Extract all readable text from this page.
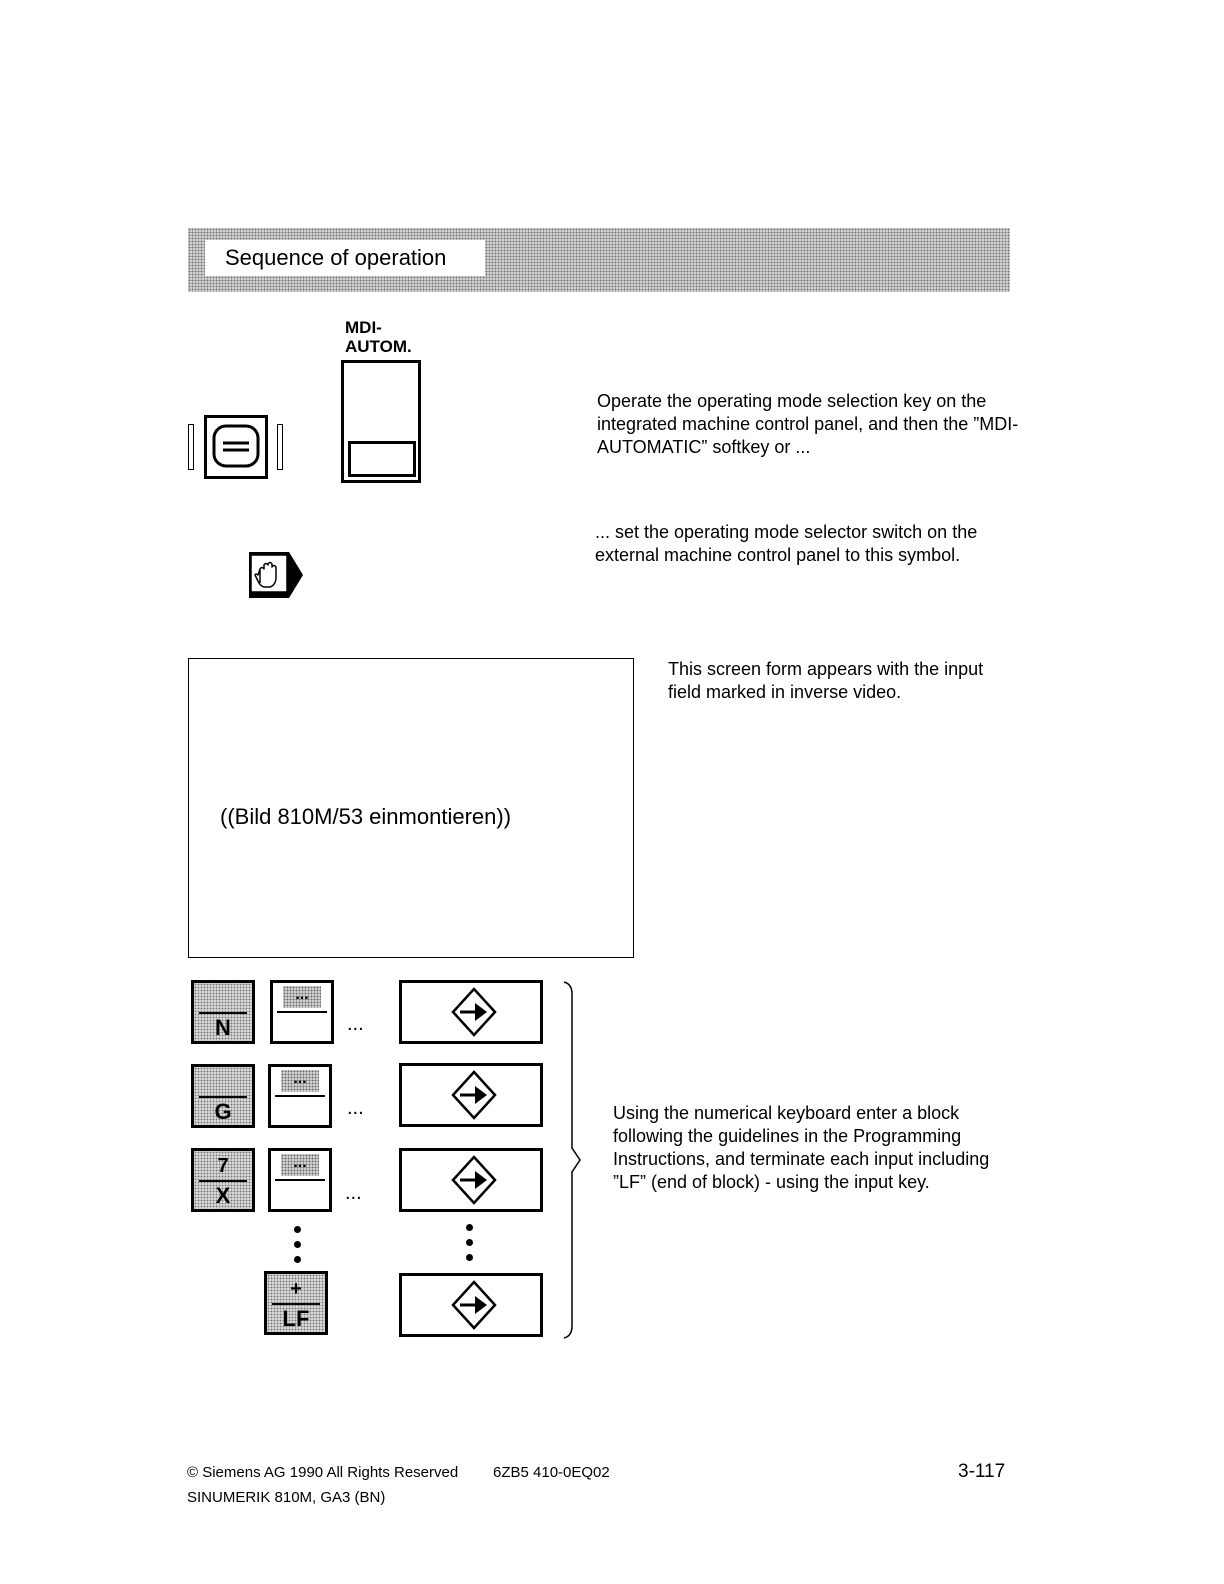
Sequence of operation
MDI-
AUTOM.
Operate the operating mode selection key on the integrated machine control panel, and then the ”MDI-AUTOMATIC” softkey or ...
... set the operating mode selector switch on the external machine control panel to this symbol.
((Bild 810M/53 einmontieren))
This screen form appears with the input field marked in inverse video.
N
...
...
G
...
...
7
X
...
...
+
LF
Using the numerical keyboard enter a block following the guidelines in the Programming Instructions, and terminate each input including ”LF” (end of block) - using the input key.
© Siemens AG 1990 All Rights Reserved 6ZB5 410-0EQ02
SINUMERIK 810M, GA3 (BN)
3-117
